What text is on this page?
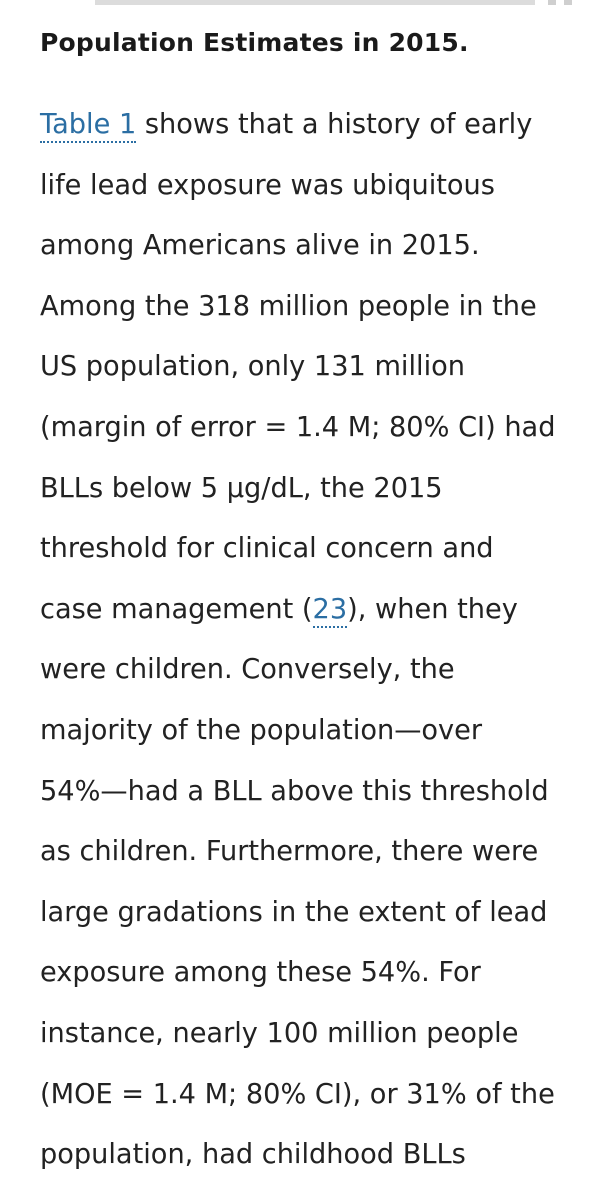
Population Estimates in 2015.
Table 1 shows that a history of early
life lead exposure was ubiquitous
among Americans alive in 2015.
Among the 318 million people in the
US population, only 131 million
(margin of error = 1.4 M; 80% CI) had
BLLs below 5 µg/dL, the 2015
threshold for clinical concern and
case management (23), when they
were children. Conversely, the
majority of the population—over
54%—had a BLL above this threshold
as children. Furthermore, there were
large gradations in the extent of lead
exposure among these 54%. For
instance, nearly 100 million people
(MOE = 1.4 M; 80% CI), or 31% of the
population, had childhood BLLs
